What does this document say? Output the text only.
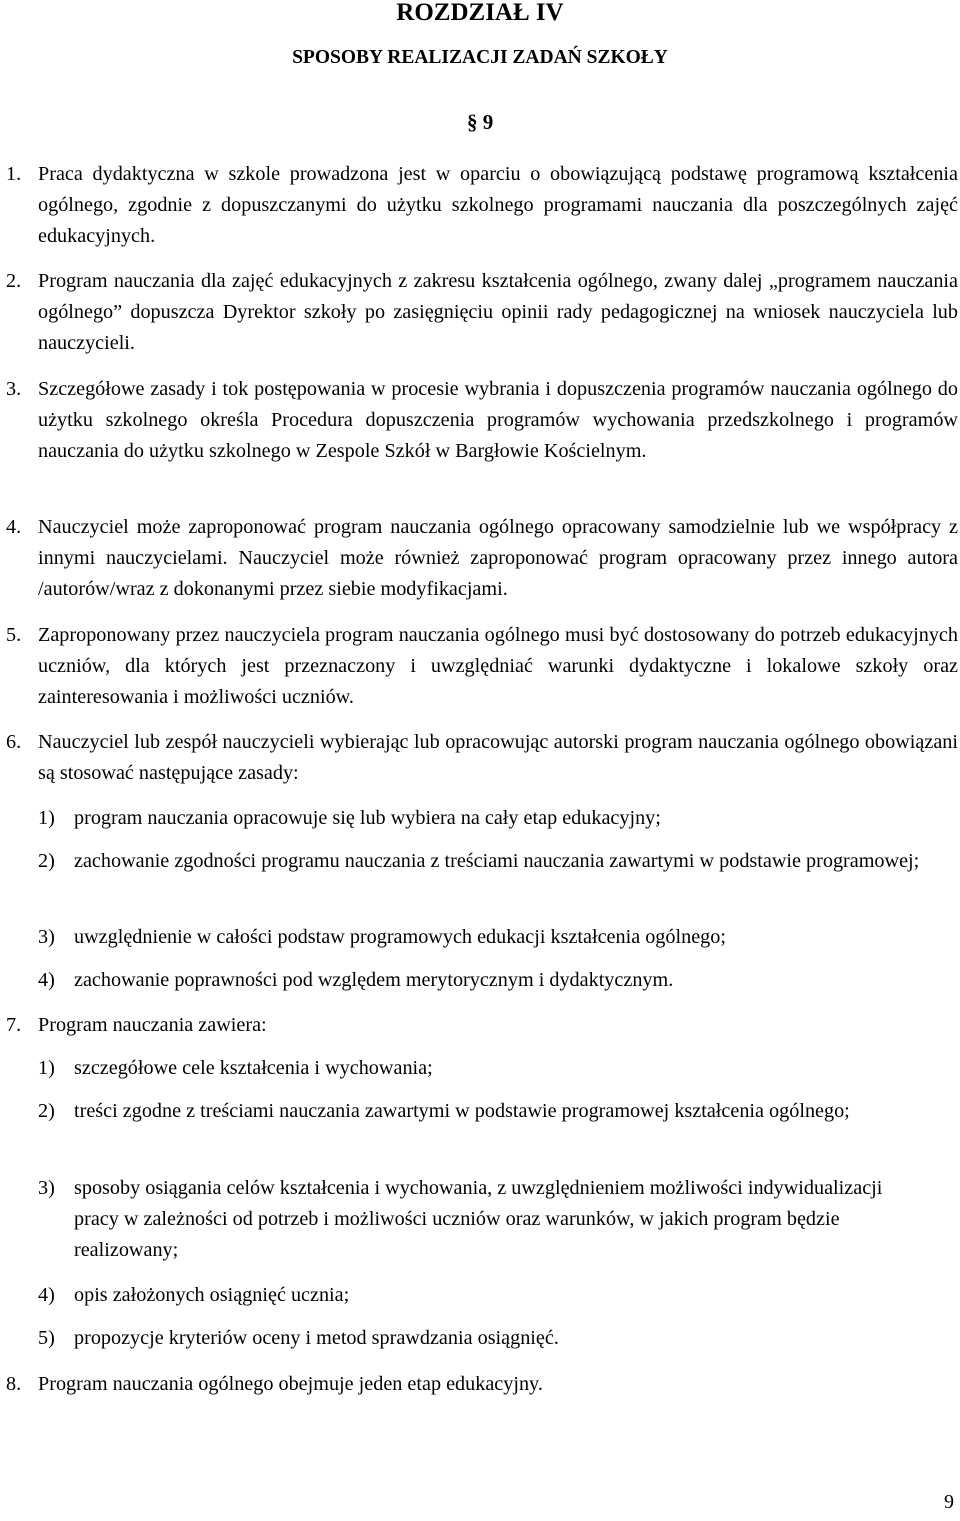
ROZDZIAŁ IV
SPOSOBY REALIZACJI ZADAŃ SZKOŁY
§ 9
1. Praca dydaktyczna w szkole prowadzona jest w oparciu o obowiązującą podstawę programową kształcenia ogólnego, zgodnie z dopuszczanymi do użytku szkolnego programami nauczania dla poszczególnych zajęć edukacyjnych.
2. Program nauczania dla zajęć edukacyjnych z zakresu kształcenia ogólnego, zwany dalej „programem nauczania ogólnego” dopuszcza Dyrektor szkoły po zasięgnięciu opinii rady pedagogicznej na wniosek nauczyciela lub nauczycieli.
3. Szczegółowe zasady i tok postępowania w procesie wybrania i dopuszczenia programów nauczania ogólnego do użytku szkolnego określa Procedura dopuszczenia programów wychowania przedszkolnego i programów nauczania do użytku szkolnego w Zespole Szkół w Bargłowie Kościelnym.
4. Nauczyciel może zaproponować program nauczania ogólnego opracowany samodzielnie lub we współpracy z innymi nauczycielami. Nauczyciel może również zaproponować program opracowany przez innego autora /autorów/wraz z dokonanymi przez siebie modyfikacjami.
5. Zaproponowany przez nauczyciela program nauczania ogólnego musi być dostosowany do potrzeb edukacyjnych uczniów, dla których jest przeznaczony i uwzględniać warunki dydaktyczne i lokalowe szkoły oraz zainteresowania i możliwości uczniów.
6. Nauczyciel lub zespół nauczycieli wybierając lub opracowując autorski program nauczania ogólnego obowiązani są stosować następujące zasady:
1) program nauczania opracowuje się lub wybiera na cały etap edukacyjny;
2) zachowanie zgodności programu nauczania z treściami nauczania zawartymi w podstawie programowej;
3) uwzględnienie w całości podstaw programowych edukacji kształcenia ogólnego;
4) zachowanie poprawności pod względem merytorycznym i dydaktycznym.
7. Program nauczania zawiera:
1) szczegółowe cele kształcenia i wychowania;
2) treści zgodne z treściami nauczania zawartymi w podstawie programowej kształcenia ogólnego;
3) sposoby osiągania celów kształcenia i wychowania, z uwzględnieniem możliwości indywidualizacji pracy w zależności od potrzeb i możliwości uczniów oraz warunków, w jakich program będzie realizowany;
4) opis założonych osiągnięć ucznia;
5) propozycje kryteriów oceny i metod sprawdzania osiągnięć.
8. Program nauczania ogólnego obejmuje jeden etap edukacyjny.
9
